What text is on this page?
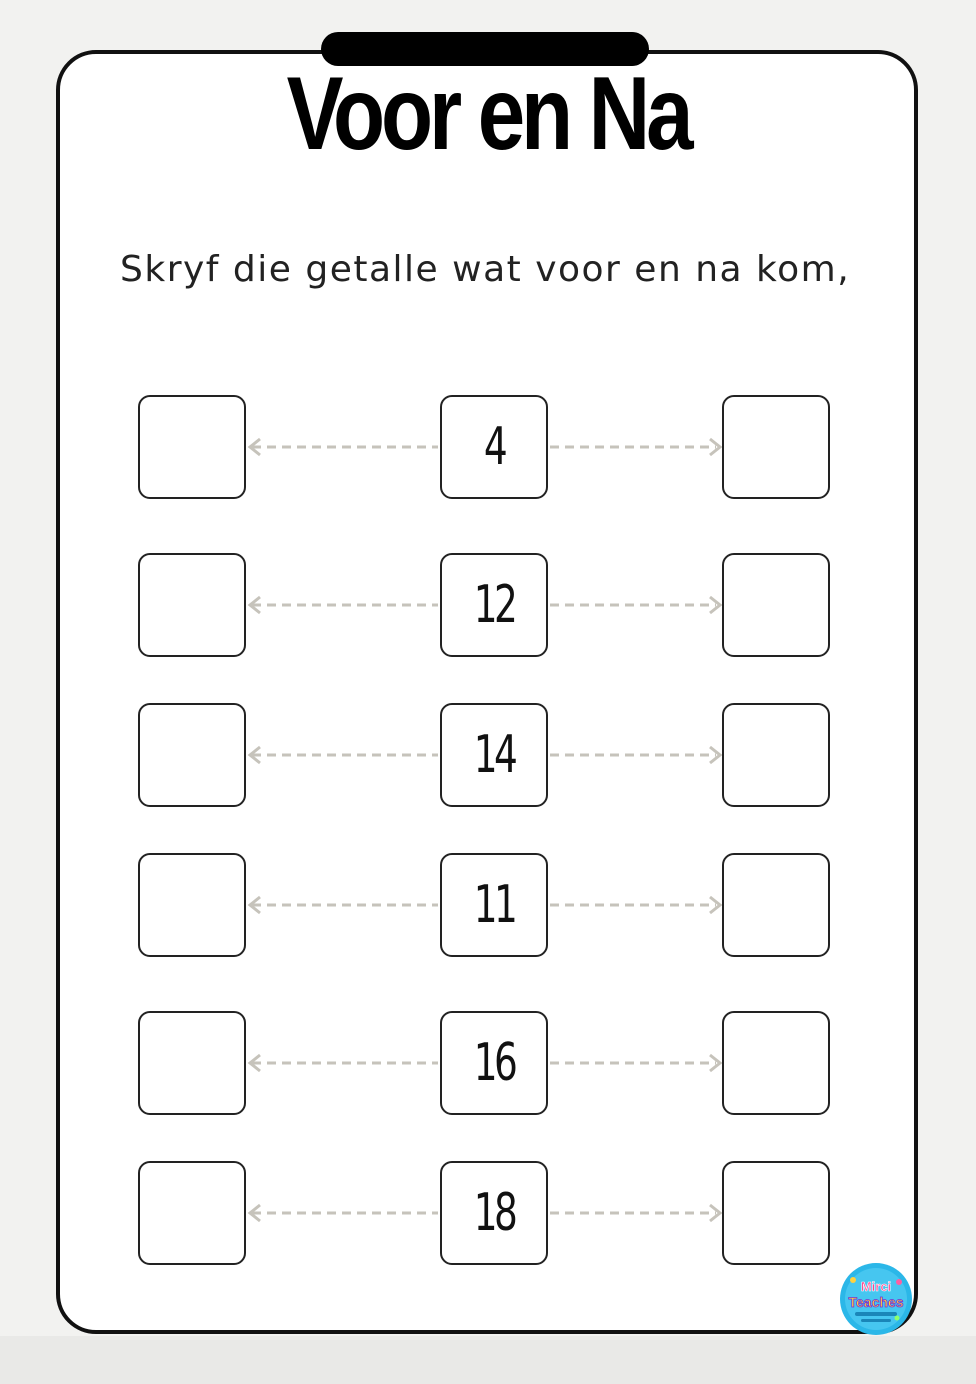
Voor en Na
Skryf die getalle wat voor en na kom,
4
12
14
11
16
18
Mirci
Teaches
